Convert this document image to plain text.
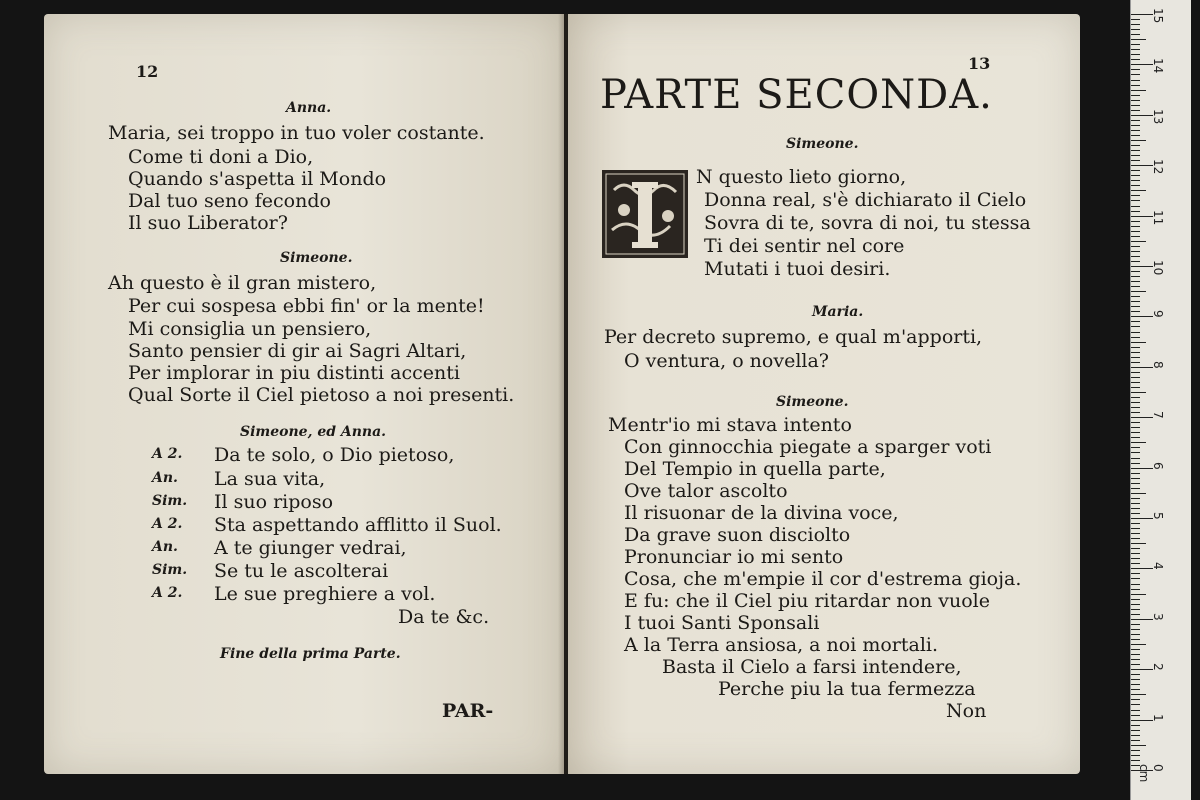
12
Anna.
Maria, sei troppo in tuo voler costante.
Come ti doni a Dio,
Quando s'aspetta il Mondo
Dal tuo seno fecondo
Il suo Liberator?
Simeone.
Ah questo è il gran mistero,
Per cui sospesa ebbi fin' or la mente!
Mi consiglia un pensiero,
Santo pensier di gir ai Sagri Altari,
Per implorar in piu distinti accenti
Qual Sorte il Ciel pietoso a noi presenti.
Simeone, ed Anna.
A 2. Da te solo, o Dio pietoso,
An. La sua vita,
Sim. Il suo riposo
A 2. Sta aspettando afflitto il Suol.
An. A te giunger vedrai,
Sim. Se tu le ascolterai
A 2. Le sue preghiere a vol.
Da te &c.
Fine della prima Parte.
PAR-
13
PARTE SECONDA.
Simeone.
N questo lieto giorno,
Donna real, s'è dichiarato il Cielo
Sovra di te, sovra di noi, tu stessa
Ti dei sentir nel core
Mutati i tuoi desiri.
Maria.
Per decreto supremo, e qual m'apporti,
O ventura, o novella?
Simeone.
Mentr'io mi stava intento
Con ginnocchia piegate a sparger voti
Del Tempio in quella parte,
Ove talor ascolto
Il risuonar de la divina voce,
Da grave suon disciolto
Pronunciar io mi sento
Cosa, che m'empie il cor d'estrema gioja.
E fu: che il Ciel piu ritardar non vuole
I tuoi Santi Sponsali
A la Terra ansiosa, a noi mortali.
Basta il Cielo a farsi intendere,
Perche piu la tua fermezza
Non
0 cm
1
2
3
4
5
6
7
8
9
10
11
12
13
14
15
